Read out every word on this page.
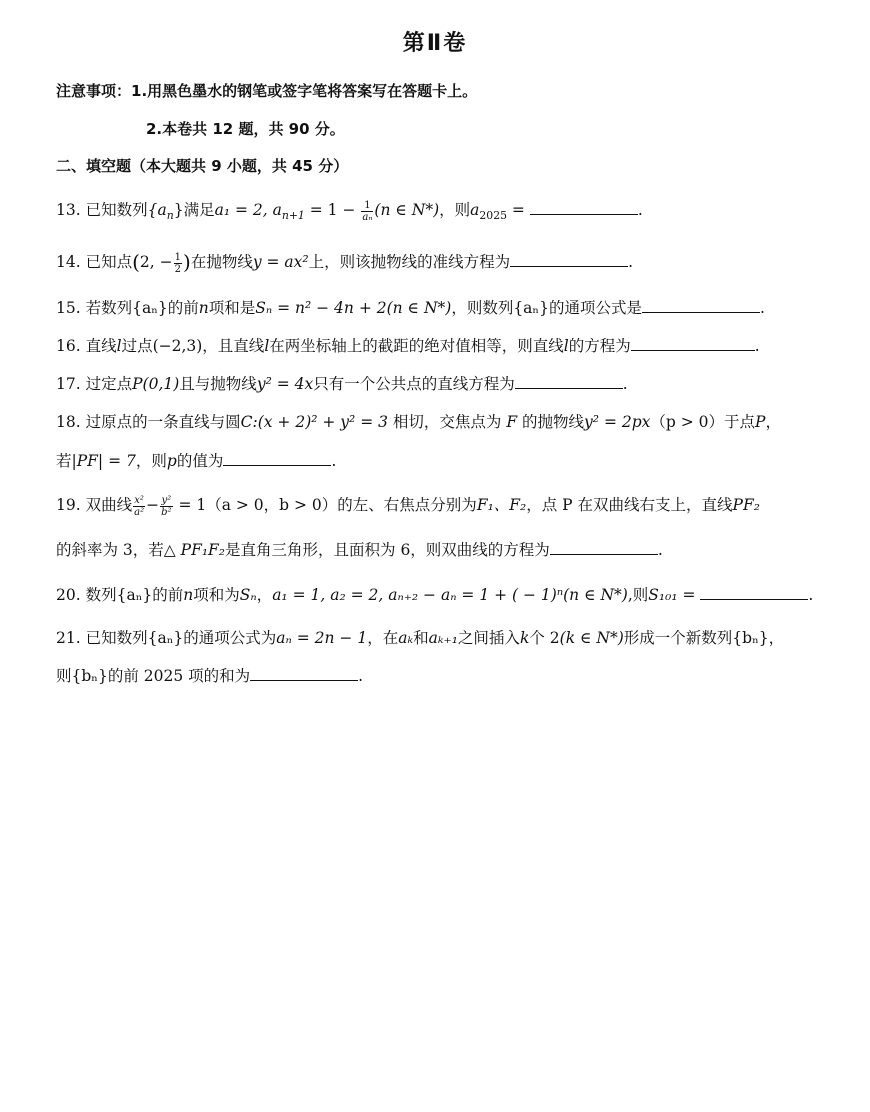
第Ⅱ卷
注意事项：1.用黑色墨水的钢笔或签字笔将答案写在答题卡上。
2.本卷共 12 题，共 90 分。
二、填空题（本大题共 9 小题，共 45 分）
13. 已知数列$\{a_n\}$满足a₁ = 2, $a_{n+1} = 1 - \frac{1}{\text{aₙ}} (n$ ∈ N*)，则$a_{2025}$ =	.
14. 已知点(2, − $\frac{1}{2}$ )在抛物线y = ax²上，则该抛物线的准线方程为	.
15. 若数列{aₙ}的前n项和是Sₙ = n² − 4n + 2(n ∈ N*)，则数列{aₙ}的通项公式是	.
16. 直线l过点(−2,3)，且直线l在两坐标轴上的截距的绝对值相等，则直线l的方程为	.
17. 过定点P(0,1)且与抛物线y² = 4x只有一个公共点的直线方程为	.
18. 过原点的一条直线与圆C:(x + 2)² + y² = 3 相切，交焦点为 F 的抛物线y² = 2px（p > 0）于点P，
若|PF| = 7，则p的值为	.
19. 双曲线 $\frac{\text{x²}}{\text{a²}} - \frac{\text{y²}}{\text{b²}} = 1(a > 0$，b > 0）的左、右焦点分别为F₁、F₂，点 P 在双曲线右支上，直线PF₂
的斜率为 3，若△ PF₁F₂是直角三角形，且面积为 6，则双曲线的方程为	.
20. 数列{aₙ}的前n项和为Sₙ，a₁ = 1, a₂ = 2, aₙ₊₂ − aₙ = 1 + ( − 1)ⁿ(n ∈ N*),则S₁₀₁ =	.
21. 已知数列{aₙ}的通项公式为aₙ = 2n − 1，在aₖ和aₖ₊₁之间插入k个 2(k ∈ N*)形成一个新数列{bₙ}，
则{bₙ}的前 2025 项的和为	.
